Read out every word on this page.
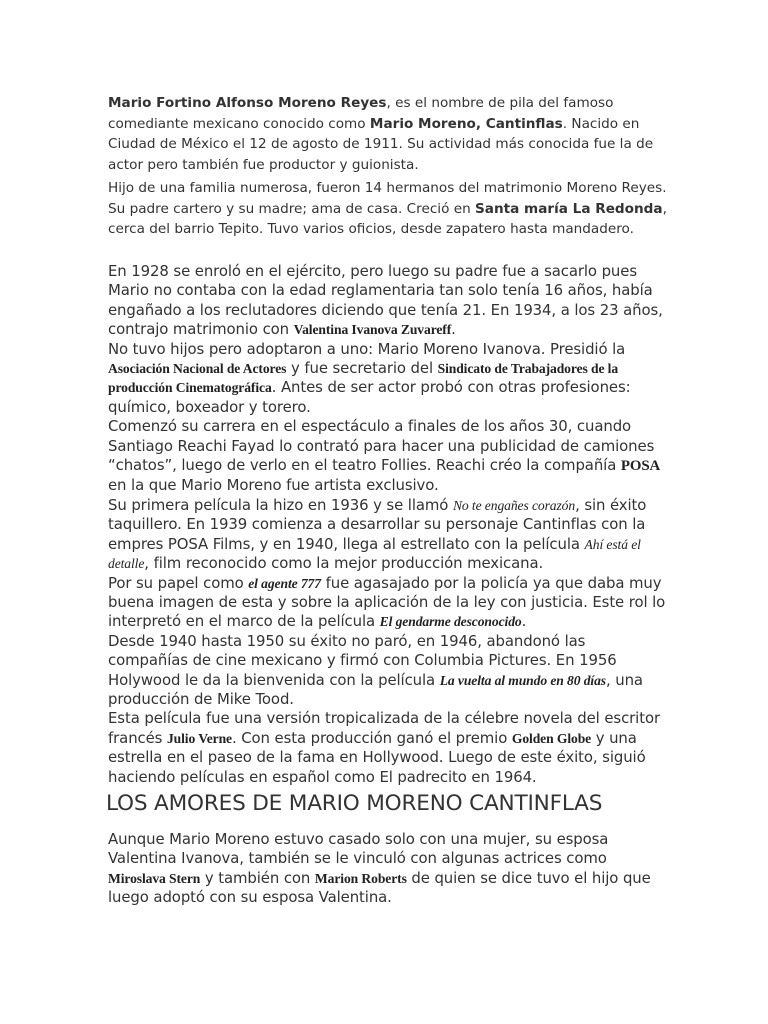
Mario Fortino Alfonso Moreno Reyes, es el nombre de pila del famoso comediante mexicano conocido como Mario Moreno, Cantinflas. Nacido en Ciudad de México el 12 de agosto de 1911. Su actividad más conocida fue la de actor pero también fue productor y guionista.

Hijo de una familia numerosa, fueron 14 hermanos del matrimonio Moreno Reyes. Su padre cartero y su madre; ama de casa. Creció en Santa maría La Redonda, cerca del barrio Tepito. Tuvo varios oficios, desde zapatero hasta mandadero.

En 1928 se enroló en el ejército, pero luego su padre fue a sacarlo pues Mario no contaba con la edad reglamentaria tan solo tenía 16 años, había engañado a los reclutadores diciendo que tenía 21. En 1934, a los 23 años, contrajo matrimonio con Valentina Ivanova Zuvareff.

No tuvo hijos pero adoptaron a uno: Mario Moreno Ivanova. Presidió la Asociación Nacional de Actores y fue secretario del Sindicato de Trabajadores de la producción Cinematográfica. Antes de ser actor probó con otras profesiones: químico, boxeador y torero.

Comenzó su carrera en el espectáculo a finales de los años 30, cuando Santiago Reachi Fayad lo contrató para hacer una publicidad de camiones “chatos”, luego de verlo en el teatro Follies. Reachi créo la compañía POSA en la que Mario Moreno fue artista exclusivo.

Su primera película la hizo en 1936 y se llamó No te engañes corazón, sin éxito taquillero. En 1939 comienza a desarrollar su personaje Cantinflas con la empres POSA Films, y en 1940, llega al estrellato con la película Ahí está el detalle, film reconocido como la mejor producción mexicana.

Por su papel como el agente 777 fue agasajado por la policía ya que daba muy buena imagen de esta y sobre la aplicación de la ley con justicia. Este rol lo interpretó en el marco de la película El gendarme desconocido.

Desde 1940 hasta 1950 su éxito no paró, en 1946, abandonó las compañías de cine mexicano y firmó con Columbia Pictures. En 1956 Holywood le da la bienvenida con la película La vuelta al mundo en 80 días, una producción de Mike Tood.

Esta película fue una versión tropicalizada de la célebre novela del escritor francés Julio Verne. Con esta producción ganó el premio Golden Globe y una estrella en el paseo de la fama en Hollywood. Luego de este éxito, siguió haciendo películas en español como El padrecito en 1964.

LOS AMORES DE MARIO MORENO CANTINFLAS

Aunque Mario Moreno estuvo casado solo con una mujer, su esposa Valentina Ivanova, también se le vinculó con algunas actrices como Miroslava Stern y también con Marion Roberts de quien se dice tuvo el hijo que luego adoptó con su esposa Valentina.
